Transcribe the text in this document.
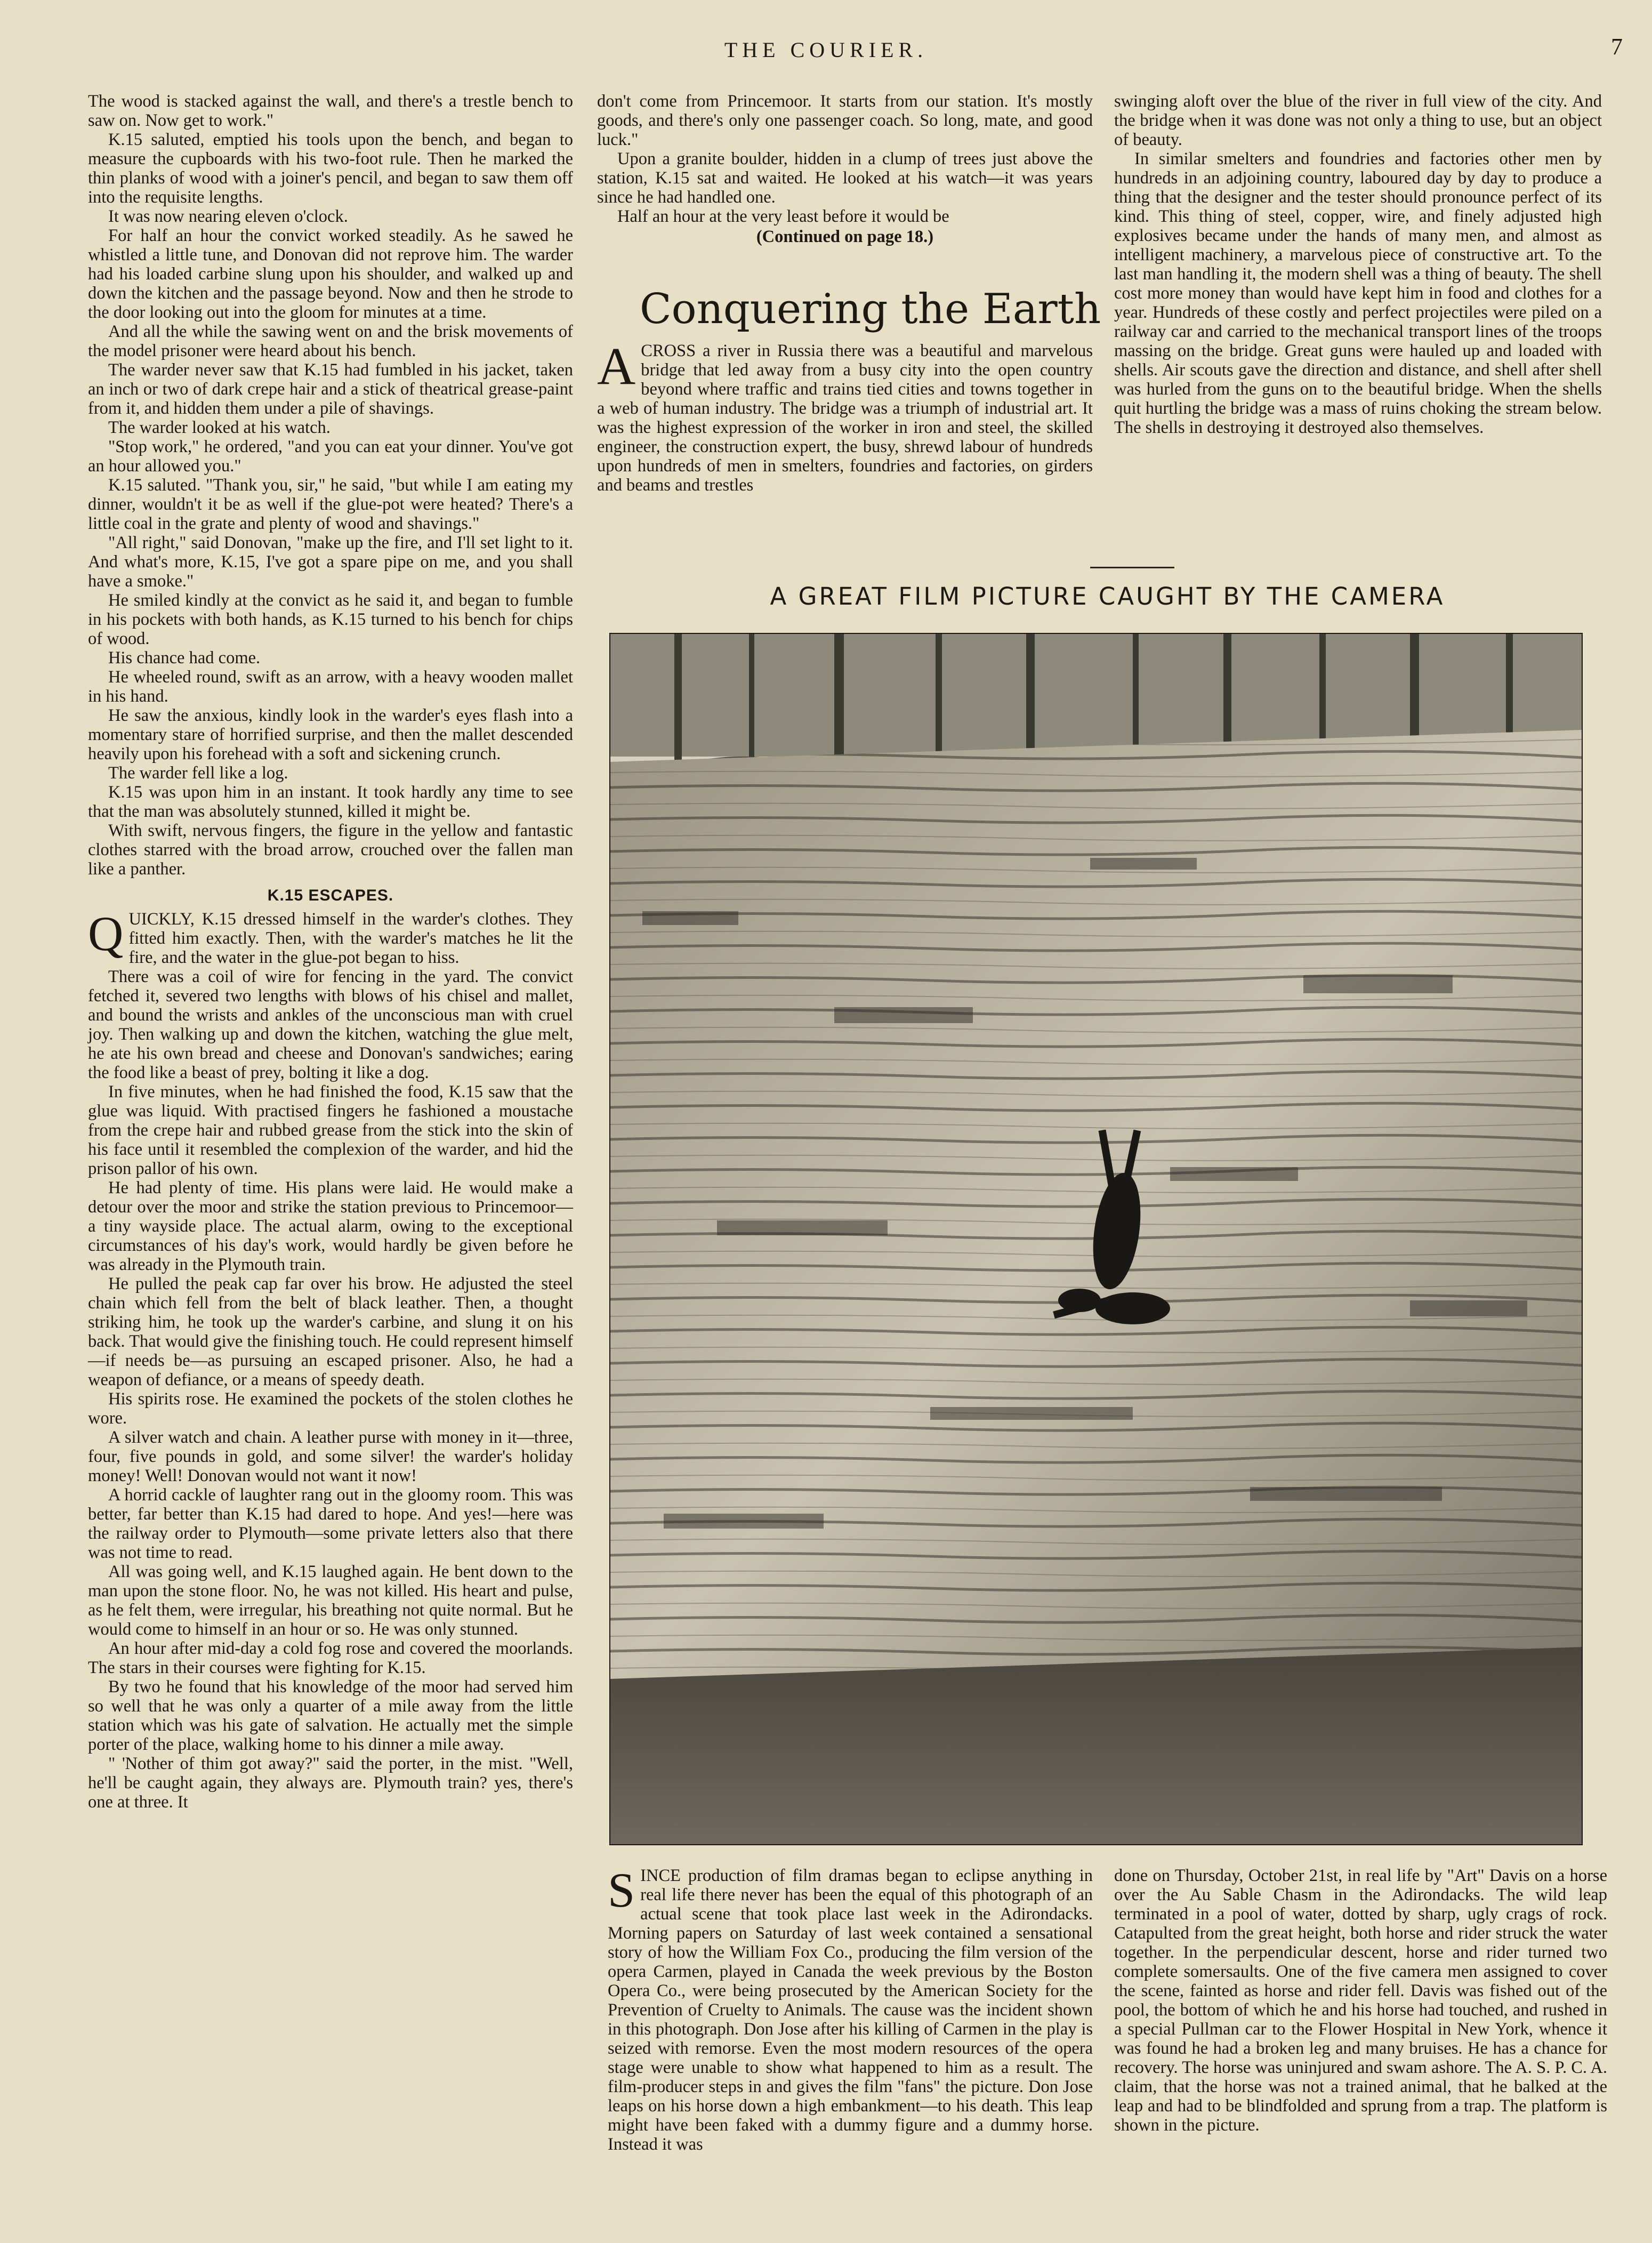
THE COURIER.	7

The wood is stacked against the wall, and there's a trestle bench to saw on. Now get to work."

K.15 saluted, emptied his tools upon the bench, and began to measure the cupboards with his two-foot rule. Then he marked the thin planks of wood with a joiner's pencil, and began to saw them off into the requisite lengths.

It was now nearing eleven o'clock.

For half an hour the convict worked steadily. As he sawed he whistled a little tune, and Donovan did not reprove him. The warder had his loaded carbine slung upon his shoulder, and walked up and down the kitchen and the passage beyond. Now and then he strode to the door looking out into the gloom for minutes at a time.

And all the while the sawing went on and the brisk movements of the model prisoner were heard about his bench.

The warder never saw that K.15 had fumbled in his jacket, taken an inch or two of dark crepe hair and a stick of theatrical grease-paint from it, and hidden them under a pile of shavings.

The warder looked at his watch.

"Stop work," he ordered, "and you can eat your dinner. You've got an hour allowed you."

K.15 saluted. "Thank you, sir," he said, "but while I am eating my dinner, wouldn't it be as well if the glue-pot were heated? There's a little coal in the grate and plenty of wood and shavings."

"All right," said Donovan, "make up the fire, and I'll set light to it. And what's more, K.15, I've got a spare pipe on me, and you shall have a smoke."

He smiled kindly at the convict as he said it, and began to fumble in his pockets with both hands, as K.15 turned to his bench for chips of wood.

His chance had come.

He wheeled round, swift as an arrow, with a heavy wooden mallet in his hand.

He saw the anxious, kindly look in the warder's eyes flash into a momentary stare of horrified surprise, and then the mallet descended heavily upon his forehead with a soft and sickening crunch.

The warder fell like a log.

K.15 was upon him in an instant. It took hardly any time to see that the man was absolutely stunned, killed it might be.

With swift, nervous fingers, the figure in the yellow and fantastic clothes starred with the broad arrow, crouched over the fallen man like a panther.

K.15 ESCAPES.

QUICKLY, K.15 dressed himself in the warder's clothes. They fitted him exactly. Then, with the warder's matches he lit the fire, and the water in the glue-pot began to hiss.

There was a coil of wire for fencing in the yard. The convict fetched it, severed two lengths with blows of his chisel and mallet, and bound the wrists and ankles of the unconscious man with cruel joy. Then walking up and down the kitchen, watching the glue melt, he ate his own bread and cheese and Donovan's sandwiches; earing the food like a beast of prey, bolting it like a dog.

In five minutes, when he had finished the food, K.15 saw that the glue was liquid. With practised fingers he fashioned a moustache from the crepe hair and rubbed grease from the stick into the skin of his face until it resembled the complexion of the warder, and hid the prison pallor of his own.

He had plenty of time. His plans were laid. He would make a detour over the moor and strike the station previous to Princemoor—a tiny wayside place. The actual alarm, owing to the exceptional circumstances of his day's work, would hardly be given before he was already in the Plymouth train.

He pulled the peak cap far over his brow. He adjusted the steel chain which fell from the belt of black leather. Then, a thought striking him, he took up the warder's carbine, and slung it on his back. That would give the finishing touch. He could represent himself—if needs be—as pursuing an escaped prisoner. Also, he had a weapon of defiance, or a means of speedy death.

His spirits rose. He examined the pockets of the stolen clothes he wore.

A silver watch and chain. A leather purse with money in it—three, four, five pounds in gold, and some silver! the warder's holiday money! Well! Donovan would not want it now!

A horrid cackle of laughter rang out in the gloomy room. This was better, far better than K.15 had dared to hope. And yes!—here was the railway order to Plymouth—some private letters also that there was not time to read.

All was going well, and K.15 laughed again. He bent down to the man upon the stone floor. No, he was not killed. His heart and pulse, as he felt them, were irregular, his breathing not quite normal. But he would come to himself in an hour or so. He was only stunned.

An hour after mid-day a cold fog rose and covered the moorlands. The stars in their courses were fighting for K.15.

By two he found that his knowledge of the moor had served him so well that he was only a quarter of a mile away from the little station which was his gate of salvation. He actually met the simple porter of the place, walking home to his dinner a mile away.

" 'Nother of thim got away?" said the porter, in the mist. "Well, he'll be caught again, they always are. Plymouth train? yes, there's one at three. It

don't come from Princemoor. It starts from our station. It's mostly goods, and there's only one passenger coach. So long, mate, and good luck."

Upon a granite boulder, hidden in a clump of trees just above the station, K.15 sat and waited. He looked at his watch—it was years since he had handled one.

Half an hour at the very least before it would be

(Continued on page 18.)

Conquering the Earth

ACROSS a river in Russia there was a beautiful and marvelous bridge that led away from a busy city into the open country beyond where traffic and trains tied cities and towns together in a web of human industry. The bridge was a triumph of industrial art. It was the highest expression of the worker in iron and steel, the skilled engineer, the construction expert, the busy, shrewd labour of hundreds upon hundreds of men in smelters, foundries and factories, on girders and beams and trestles

swinging aloft over the blue of the river in full view of the city. And the bridge when it was done was not only a thing to use, but an object of beauty.

In similar smelters and foundries and factories other men by hundreds in an adjoining country, laboured day by day to produce a thing that the designer and the tester should pronounce perfect of its kind. This thing of steel, copper, wire, and finely adjusted high explosives became under the hands of many men, and almost as intelligent machinery, a marvelous piece of constructive art. To the last man handling it, the modern shell was a thing of beauty. The shell cost more money than would have kept him in food and clothes for a year. Hundreds of these costly and perfect projectiles were piled on a railway car and carried to the mechanical transport lines of the troops massing on the bridge. Great guns were hauled up and loaded with shells. Air scouts gave the direction and distance, and shell after shell was hurled from the guns on to the beautiful bridge. When the shells quit hurtling the bridge was a mass of ruins choking the stream below. The shells in destroying it destroyed also themselves.

A GREAT FILM PICTURE CAUGHT BY THE CAMERA

SINCE production of film dramas began to eclipse anything in real life there never has been the equal of this photograph of an actual scene that took place last week in the Adirondacks. Morning papers on Saturday of last week contained a sensational story of how the William Fox Co., producing the film version of the opera Carmen, played in Canada the week previous by the Boston Opera Co., were being prosecuted by the American Society for the Prevention of Cruelty to Animals. The cause was the incident shown in this photograph. Don Jose after his killing of Carmen in the play is seized with remorse. Even the most modern resources of the opera stage were unable to show what happened to him as a result. The film-producer steps in and gives the film "fans" the picture. Don Jose leaps on his horse down a high embankment—to his death. This leap might have been faked with a dummy figure and a dummy horse. Instead it was

done on Thursday, October 21st, in real life by "Art" Davis on a horse over the Au Sable Chasm in the Adirondacks. The wild leap terminated in a pool of water, dotted by sharp, ugly crags of rock. Catapulted from the great height, both horse and rider struck the water together. In the perpendicular descent, horse and rider turned two complete somersaults. One of the five camera men assigned to cover the scene, fainted as horse and rider fell. Davis was fished out of the pool, the bottom of which he and his horse had touched, and rushed in a special Pullman car to the Flower Hospital in New York, whence it was found he had a broken leg and many bruises. He has a chance for recovery. The horse was uninjured and swam ashore. The A. S. P. C. A. claim, that the horse was not a trained animal, that he balked at the leap and had to be blindfolded and sprung from a trap. The platform is shown in the picture.
